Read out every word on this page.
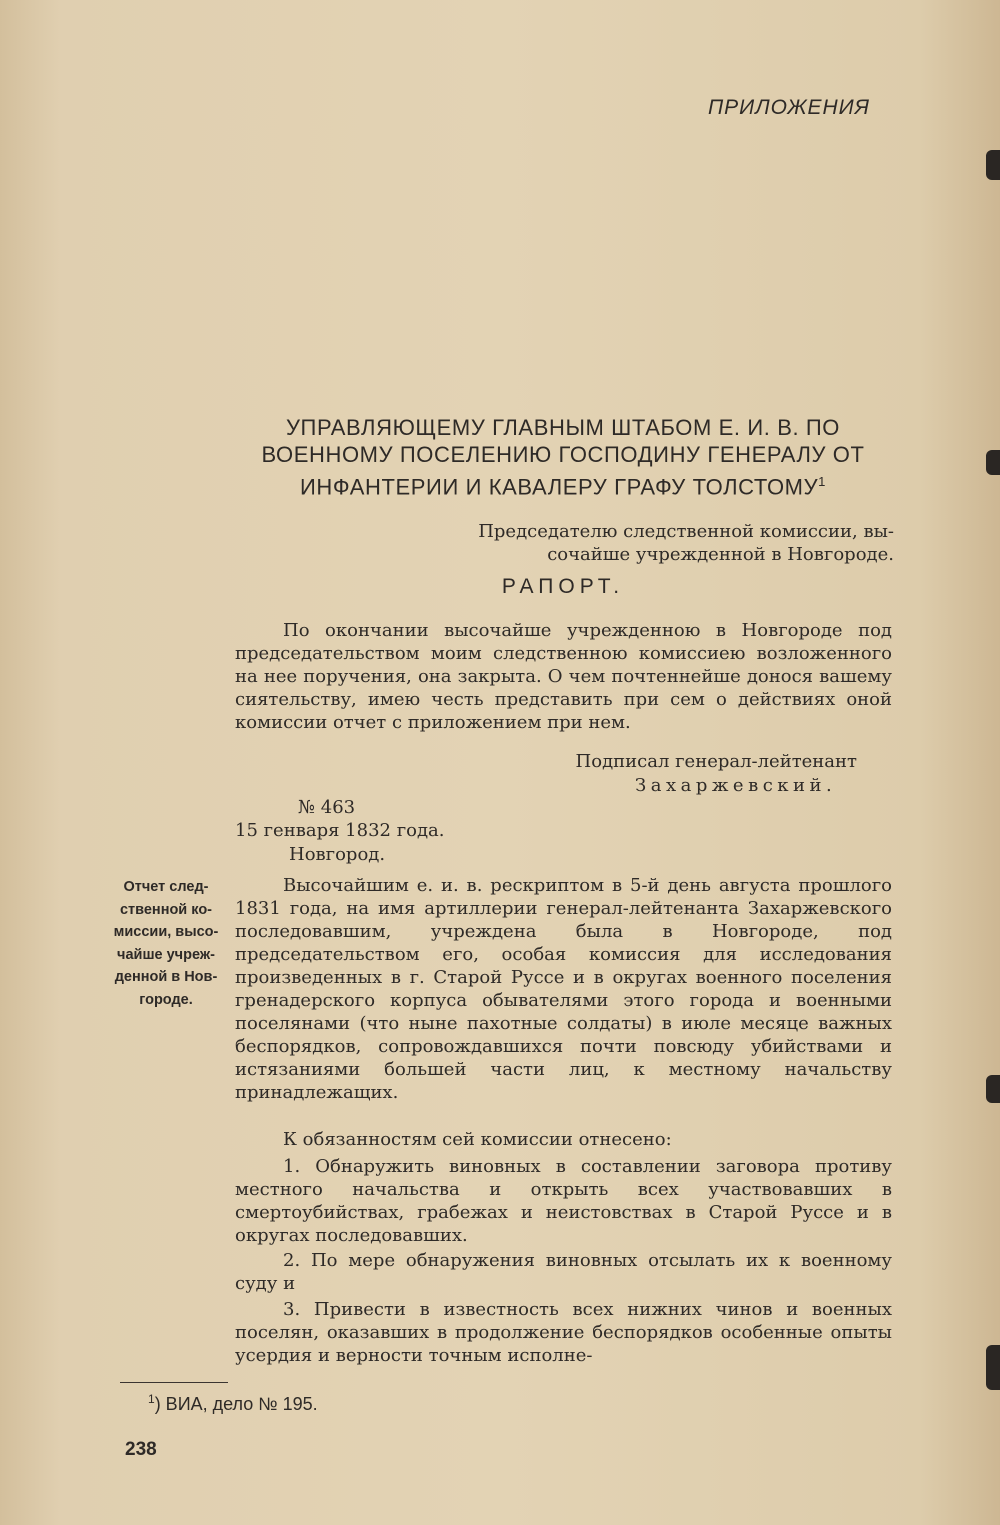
ПРИЛОЖЕНИЯ
УПРАВЛЯЮЩЕМУ ГЛАВНЫМ ШТАБОМ Е. И. В. ПО
ВОЕННОМУ ПОСЕЛЕНИЮ ГОСПОДИНУ ГЕНЕРАЛУ ОТ
ИНФАНТЕРИИ И КАВАЛЕРУ ГРАФУ ТОЛСТОМУ$^1$
Председателю следственной комиссии, вы-
сочайше учрежденной в Новгороде.
РАПОРТ.

По окончании высочайше учрежденною в Новгороде под председательством моим следственною комиссиею возложенного на нее поручения, она закрыта. О чем почтеннейше донося вашему сиятельству, имею честь представить при сем о действиях оной комиссии отчет с приложением при нем.

Подписал генерал-лейтенант
Захаржевский.
№ 463
15 генваря 1832 года.
Новгород.
Отчет след-
ственной ко-
миссии, высо-
чайше учреж-
денной в Нов-
городе.

Высочайшим е. и. в. рескриптом в 5-й день августа прошлого 1831 года, на имя артиллерии генерал-лейтенанта Захаржевского последовавшим, учреждена была в Новгороде, под председательством его, особая комиссия для исследования произведенных в г. Старой Руссе и в округах военного поселения гренадерского корпуса обывателями этого города и военными поселянами (что ныне пахотные солдаты) в июле месяце важных беспорядков, сопровождавшихся почти повсюду убийствами и истязаниями большей части лиц, к местному начальству принадлежащих.

К обязанностям сей комиссии отнесено:

1. Обнаружить виновных в составлении заговора противу местного начальства и открыть всех участвовавших в смертоубийствах, грабежах и неистовствах в Старой Руссе и в округах последовавших.

2. По мере обнаружения виновных отсылать их к военному суду и

3. Привести в известность всех нижних чинов и военных поселян, оказавших в продолжение беспорядков особенные опыты усердия и верности точным исполне-

$^1$) ВИА, дело № 195.
238
